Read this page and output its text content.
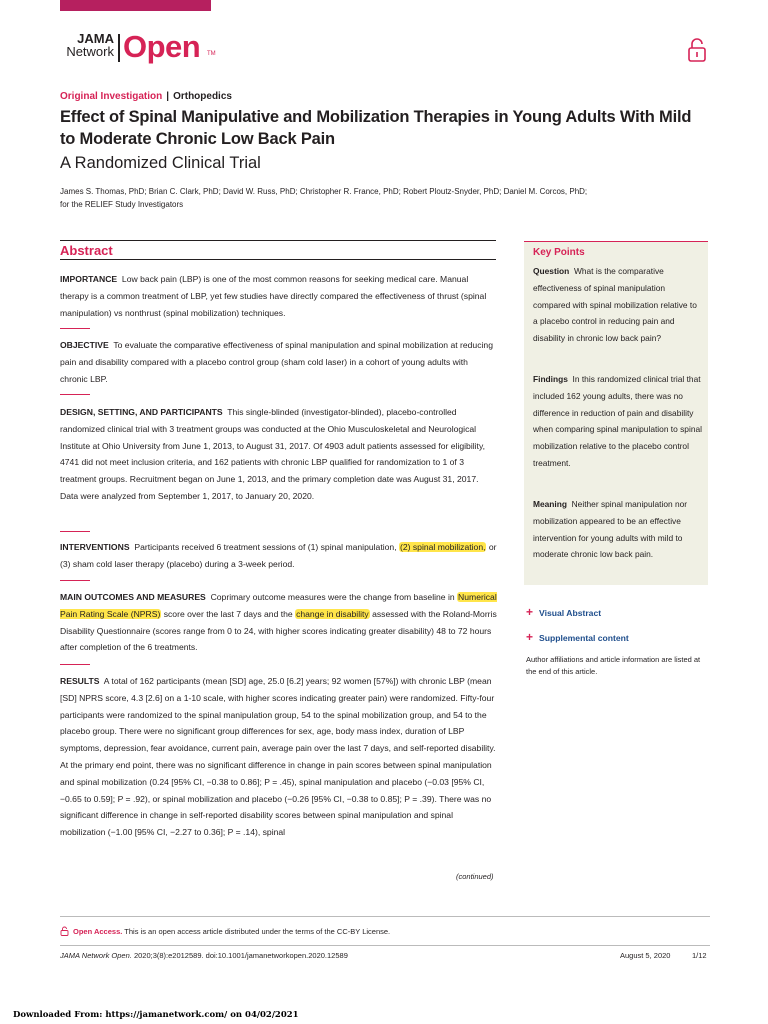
JAMA
Network Open TM
Original Investigation | Orthopedics
Effect of Spinal Manipulative and Mobilization Therapies in Young Adults With Mild to Moderate Chronic Low Back Pain
A Randomized Clinical Trial
James S. Thomas, PhD; Brian C. Clark, PhD; David W. Russ, PhD; Christopher R. France, PhD; Robert Ploutz-Snyder, PhD; Daniel M. Corcos, PhD;
for the RELIEF Study Investigators
Abstract
IMPORTANCE Low back pain (LBP) is one of the most common reasons for seeking medical care. Manual therapy is a common treatment of LBP, yet few studies have directly compared the effectiveness of thrust (spinal manipulation) vs nonthrust (spinal mobilization) techniques.
OBJECTIVE To evaluate the comparative effectiveness of spinal manipulation and spinal mobilization at reducing pain and disability compared with a placebo control group (sham cold laser) in a cohort of young adults with chronic LBP.
DESIGN, SETTING, AND PARTICIPANTS This single-blinded (investigator-blinded), placebo-controlled randomized clinical trial with 3 treatment groups was conducted at the Ohio Musculoskeletal and Neurological Institute at Ohio University from June 1, 2013, to August 31, 2017. Of 4903 adult patients assessed for eligibility, 4741 did not meet inclusion criteria, and 162 patients with chronic LBP qualified for randomization to 1 of 3 treatment groups. Recruitment began on June 1, 2013, and the primary completion date was August 31, 2017. Data were analyzed from September 1, 2017, to January 20, 2020.
INTERVENTIONS Participants received 6 treatment sessions of (1) spinal manipulation, (2) spinal mobilization, or (3) sham cold laser therapy (placebo) during a 3-week period.
MAIN OUTCOMES AND MEASURES Coprimary outcome measures were the change from baseline in Numerical Pain Rating Scale (NPRS) score over the last 7 days and the change in disability assessed with the Roland-Morris Disability Questionnaire (scores range from 0 to 24, with higher scores indicating greater disability) 48 to 72 hours after completion of the 6 treatments.
RESULTS A total of 162 participants (mean [SD] age, 25.0 [6.2] years; 92 women [57%]) with chronic LBP (mean [SD] NPRS score, 4.3 [2.6] on a 1-10 scale, with higher scores indicating greater pain) were randomized. Fifty-four participants were randomized to the spinal manipulation group, 54 to the spinal mobilization group, and 54 to the placebo group. There were no significant group differences for sex, age, body mass index, duration of LBP symptoms, depression, fear avoidance, current pain, average pain over the last 7 days, and self-reported disability. At the primary end point, there was no significant difference in change in pain scores between spinal manipulation and spinal mobilization (0.24 [95% CI, −0.38 to 0.86]; P = .45), spinal manipulation and placebo (−0.03 [95% CI, −0.65 to 0.59]; P = .92), or spinal mobilization and placebo (−0.26 [95% CI, −0.38 to 0.85]; P = .39). There was no significant difference in change in self-reported disability scores between spinal manipulation and spinal mobilization (−1.00 [95% CI, −2.27 to 0.36]; P = .14), spinal
(continued)
Key Points
Question What is the comparative effectiveness of spinal manipulation compared with spinal mobilization relative to a placebo control in reducing pain and disability in chronic low back pain?
Findings In this randomized clinical trial that included 162 young adults, there was no difference in reduction of pain and disability when comparing spinal manipulation to spinal mobilization relative to the placebo control treatment.
Meaning Neither spinal manipulation nor mobilization appeared to be an effective intervention for young adults with mild to moderate chronic low back pain.
+ Visual Abstract
+ Supplemental content
Author affiliations and article information are listed at the end of this article.
Open Access. This is an open access article distributed under the terms of the CC-BY License.
JAMA Network Open. 2020;3(8):e2012589. doi:10.1001/jamanetworkopen.2020.12589	August 5, 2020	1/12
Downloaded From: https://jamanetwork.com/ on 04/02/2021
